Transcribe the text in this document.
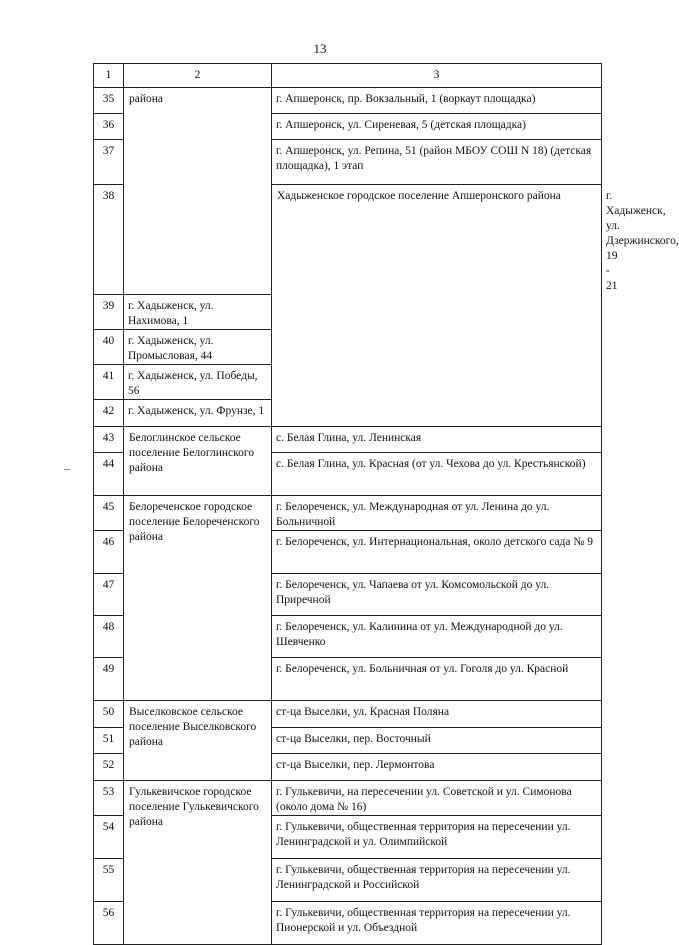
13
1	2	3	

35	района	г. Апшеронск, пр. Вокзальный, 1 (воркаут площадка)	

36		г. Апшеронск, ул. Сиреневая, 5 (детская площадка)	

37		г. Апшеронск, ул. Репина, 51 (район МБОУ СОШ N 18) (детская площадка), 1 этап	

38		Хадыженское городское поселение Апшеронского района	г. Хадыженск, ул. Дзержинского, 19 - 21

39	г. Хадыженск, ул. Нахимова, 1		

40	г. Хадыженск, ул. Промысловая, 44		

41	г. Хадыженск, ул. Победы, 56		

42	г. Хадыженск, ул. Фрунзе, 1		

43	Белоглинское сельское поселение Белоглинского района	с. Белая Глина, ул. Ленинская	

44		с. Белая Глина, ул. Красная (от ул. Чехова до ул. Крестьянской)	

45	Белореченское городское поселение Белореченского района	г. Белореченск, ул. Международная от ул. Ленина до ул. Больничной	

46		г. Белореченск, ул. Интернациональная, около детского сада № 9	

47		г. Белореченск, ул. Чапаева от ул. Комсомольской до ул. Приречной	

48		г. Белореченск, ул. Калинина от ул. Международной до ул. Шевченко	

49		г. Белореченск, ул. Больничная от ул. Гоголя до ул. Красной	

50	Выселковское сельское поселение Выселковского района	ст-ца Выселки, ул. Красная Поляна	

51		ст-ца Выселки, пер. Восточный	

52		ст-ца Выселки, пер. Лермонтова	

53	Гулькевичское городское поселение Гулькевичского района	г. Гулькевичи, на пересечении ул. Советской и ул. Симонова (около дома № 16)	

54		г. Гулькевичи, общественная территория на пересечении ул. Ленинградской и ул. Олимпийской	

55		г. Гулькевичи, общественная территория на пересечении ул. Ленинградской и Российской	

56		г. Гулькевичи, общественная территория на пересечении ул. Пионерской и ул. Объездной	
